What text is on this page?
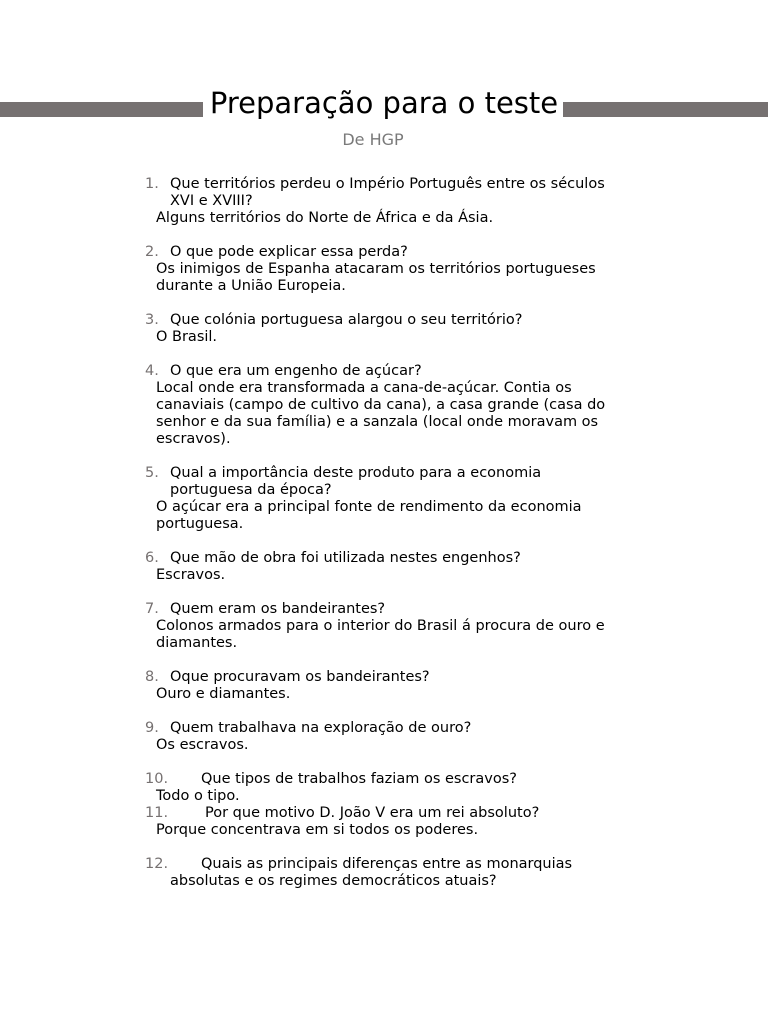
Preparação para o teste
De HGP
1. Que territórios perdeu o Império Português entre os séculos
XVI e XVIII?
Alguns territórios do Norte de África e da Ásia.
2. O que pode explicar essa perda?
Os inimigos de Espanha atacaram os territórios portugueses
durante a União Europeia.
3. Que colónia portuguesa alargou o seu território?
O Brasil.
4. O que era um engenho de açúcar?
Local onde era transformada a cana-de-açúcar. Contia os
canaviais (campo de cultivo da cana), a casa grande (casa do
senhor e da sua família) e a sanzala (local onde moravam os
escravos).
5. Qual a importância deste produto para a economia
portuguesa da época?
O açúcar era a principal fonte de rendimento da economia
portuguesa.
6. Que mão de obra foi utilizada nestes engenhos?
Escravos.
7. Quem eram os bandeirantes?
Colonos armados para o interior do Brasil á procura de ouro e
diamantes.
8. Oque procuravam os bandeirantes?
Ouro e diamantes.
9. Quem trabalhava na exploração de ouro?
Os escravos.
10. Que tipos de trabalhos faziam os escravos?
Todo o tipo.
11.	Por que motivo D. João V era um rei absoluto?
Porque concentrava em si todos os poderes.
12. Quais as principais diferenças entre as monarquias
absolutas e os regimes democráticos atuais?
